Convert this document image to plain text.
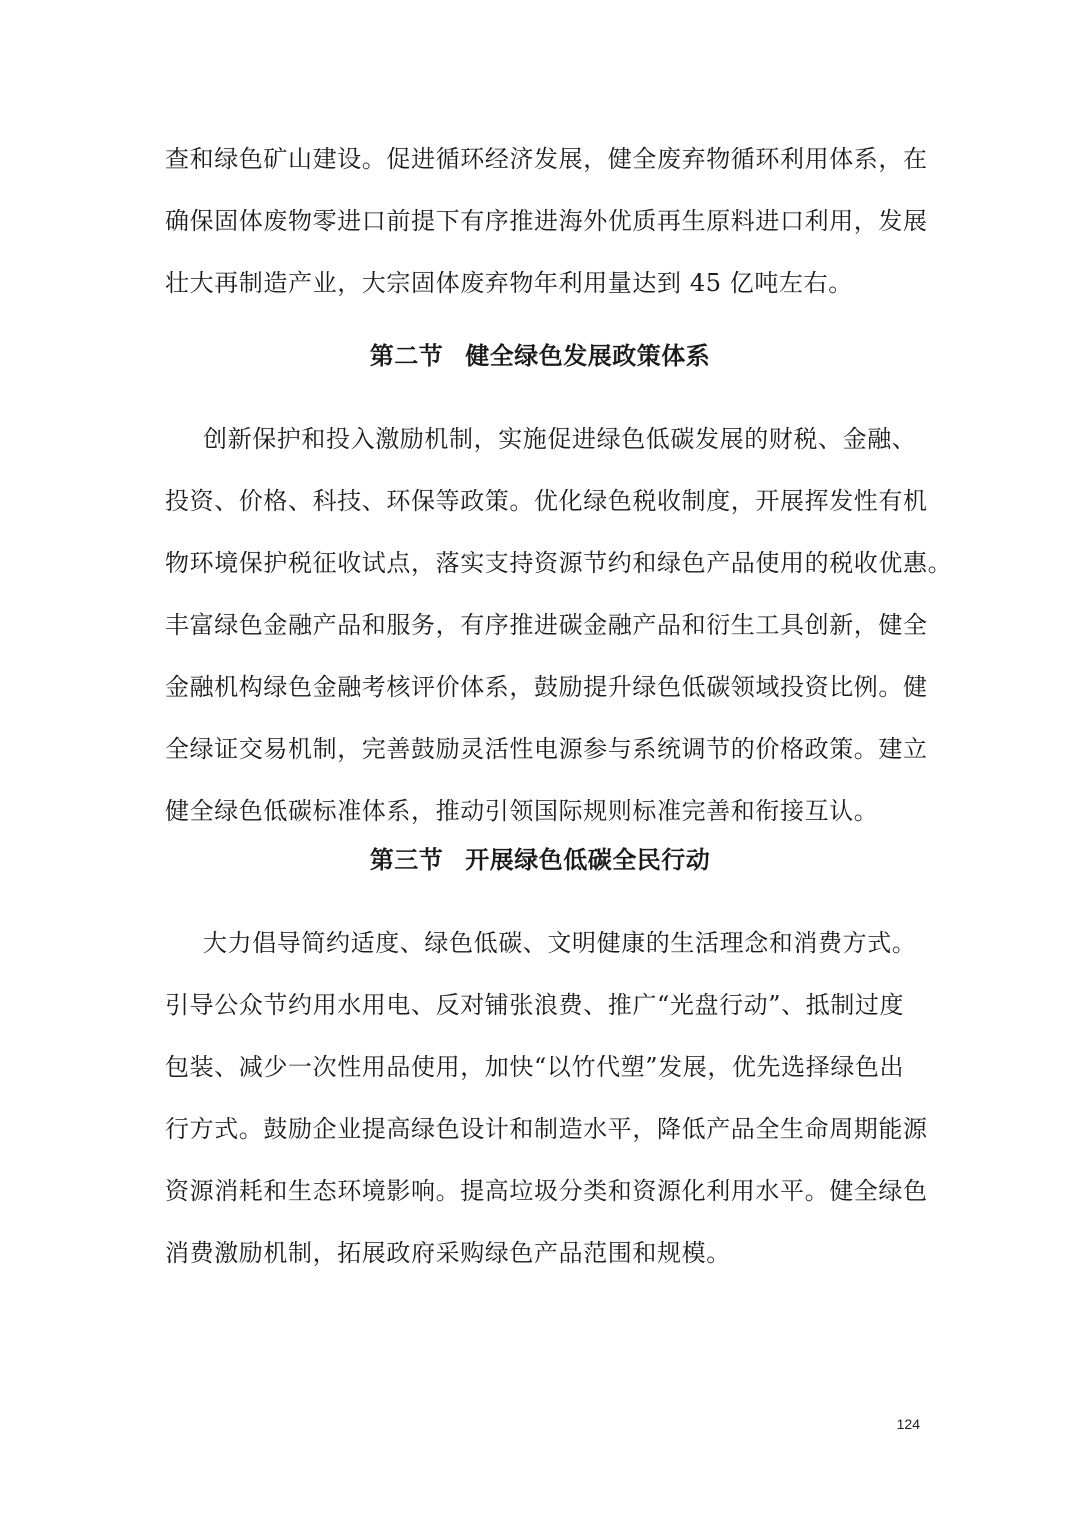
查和绿色矿山建设。促进循环经济发展，健全废弃物循环利用体系，在
确保固体废物零进口前提下有序推进海外优质再生原料进口利用，发展
壮大再制造产业，大宗固体废弃物年利用量达到 45 亿吨左右。
第二节 健全绿色发展政策体系
创新保护和投入激励机制，实施促进绿色低碳发展的财税、金融、
投资、价格、科技、环保等政策。优化绿色税收制度，开展挥发性有机
物环境保护税征收试点，落实支持资源节约和绿色产品使用的税收优惠。
丰富绿色金融产品和服务，有序推进碳金融产品和衍生工具创新，健全
金融机构绿色金融考核评价体系，鼓励提升绿色低碳领域投资比例。健
全绿证交易机制，完善鼓励灵活性电源参与系统调节的价格政策。建立
健全绿色低碳标准体系，推动引领国际规则标准完善和衔接互认。
第三节 开展绿色低碳全民行动
大力倡导简约适度、绿色低碳、文明健康的生活理念和消费方式。
引导公众节约用水用电、反对铺张浪费、推广“光盘行动”、抵制过度
包装、减少一次性用品使用，加快“以竹代塑”发展，优先选择绿色出
行方式。鼓励企业提高绿色设计和制造水平，降低产品全生命周期能源
资源消耗和生态环境影响。提高垃圾分类和资源化利用水平。健全绿色
消费激励机制，拓展政府采购绿色产品范围和规模。
124
